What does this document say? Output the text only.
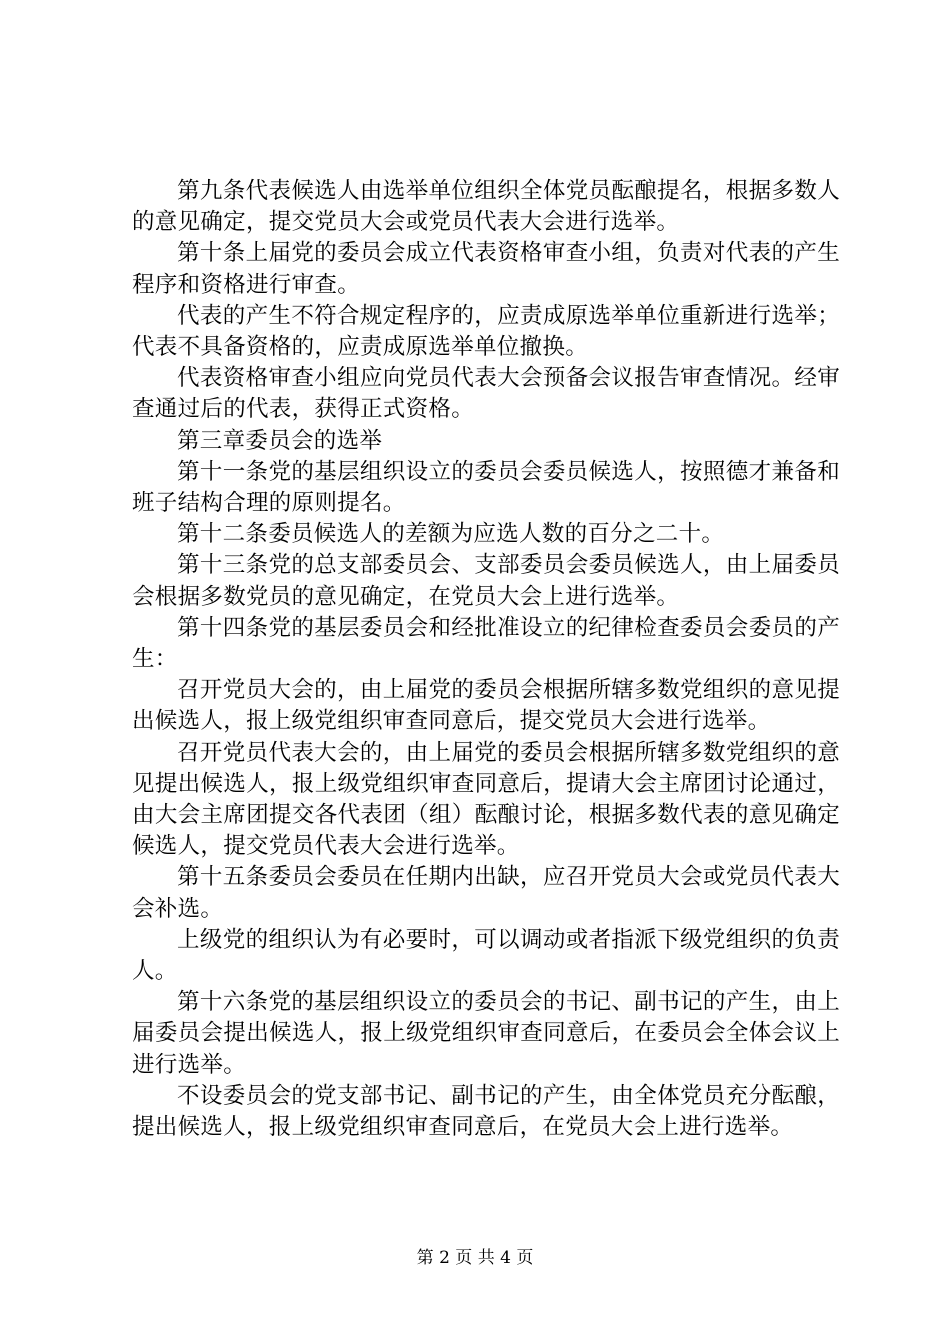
第九条代表候选人由选举单位组织全体党员酝酿提名，根据多数人的意见确定，提交党员大会或党员代表大会进行选举。

第十条上届党的委员会成立代表资格审查小组，负责对代表的产生程序和资格进行审查。

代表的产生不符合规定程序的，应责成原选举单位重新进行选举；代表不具备资格的，应责成原选举单位撤换。

代表资格审查小组应向党员代表大会预备会议报告审查情况。经审查通过后的代表，获得正式资格。

第三章委员会的选举

第十一条党的基层组织设立的委员会委员候选人，按照德才兼备和班子结构合理的原则提名。

第十二条委员候选人的差额为应选人数的百分之二十。

第十三条党的总支部委员会、支部委员会委员候选人，由上届委员会根据多数党员的意见确定，在党员大会上进行选举。

第十四条党的基层委员会和经批准设立的纪律检查委员会委员的产生：

召开党员大会的，由上届党的委员会根据所辖多数党组织的意见提出候选人，报上级党组织审查同意后，提交党员大会进行选举。

召开党员代表大会的，由上届党的委员会根据所辖多数党组织的意见提出候选人，报上级党组织审查同意后，提请大会主席团讨论通过，由大会主席团提交各代表团（组）酝酿讨论，根据多数代表的意见确定候选人，提交党员代表大会进行选举。

第十五条委员会委员在任期内出缺，应召开党员大会或党员代表大会补选。

上级党的组织认为有必要时，可以调动或者指派下级党组织的负责人。

第十六条党的基层组织设立的委员会的书记、副书记的产生，由上届委员会提出候选人，报上级党组织审查同意后，在委员会全体会议上进行选举。

不设委员会的党支部书记、副书记的产生，由全体党员充分酝酿，提出候选人，报上级党组织审查同意后，在党员大会上进行选举。

第 2 页 共 4 页
